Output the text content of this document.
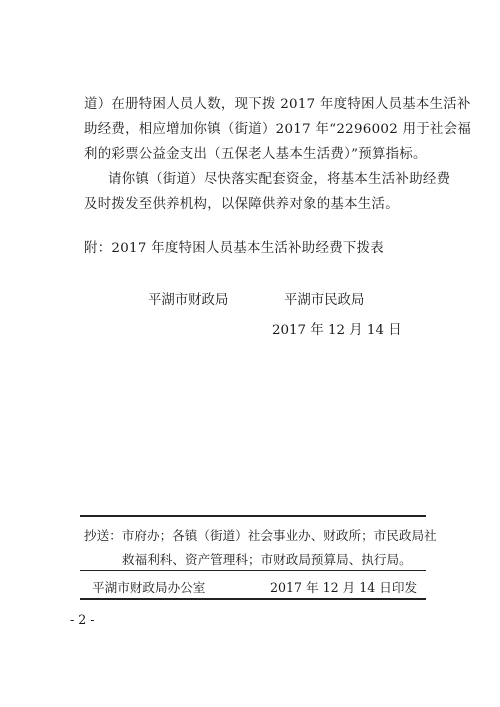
道）在册特困人员人数，现下拨 2017 年度特困人员基本生活补
助经费，相应增加你镇（街道）2017 年“2296002 用于社会福
利的彩票公益金支出（五保老人基本生活费）”预算指标。
请你镇（街道）尽快落实配套资金，将基本生活补助经费
及时拨发至供养机构，以保障供养对象的基本生活。
附：2017 年度特困人员基本生活补助经费下拨表
平湖市财政局	平湖市民政局
2017 年 12 月 14 日
抄送：市府办；各镇（街道）社会事业办、财政所；市民政局社
救福利科、资产管理科；市财政局预算局、执行局。
平湖市财政局办公室	2017 年 12 月 14 日印发
- 2 -
